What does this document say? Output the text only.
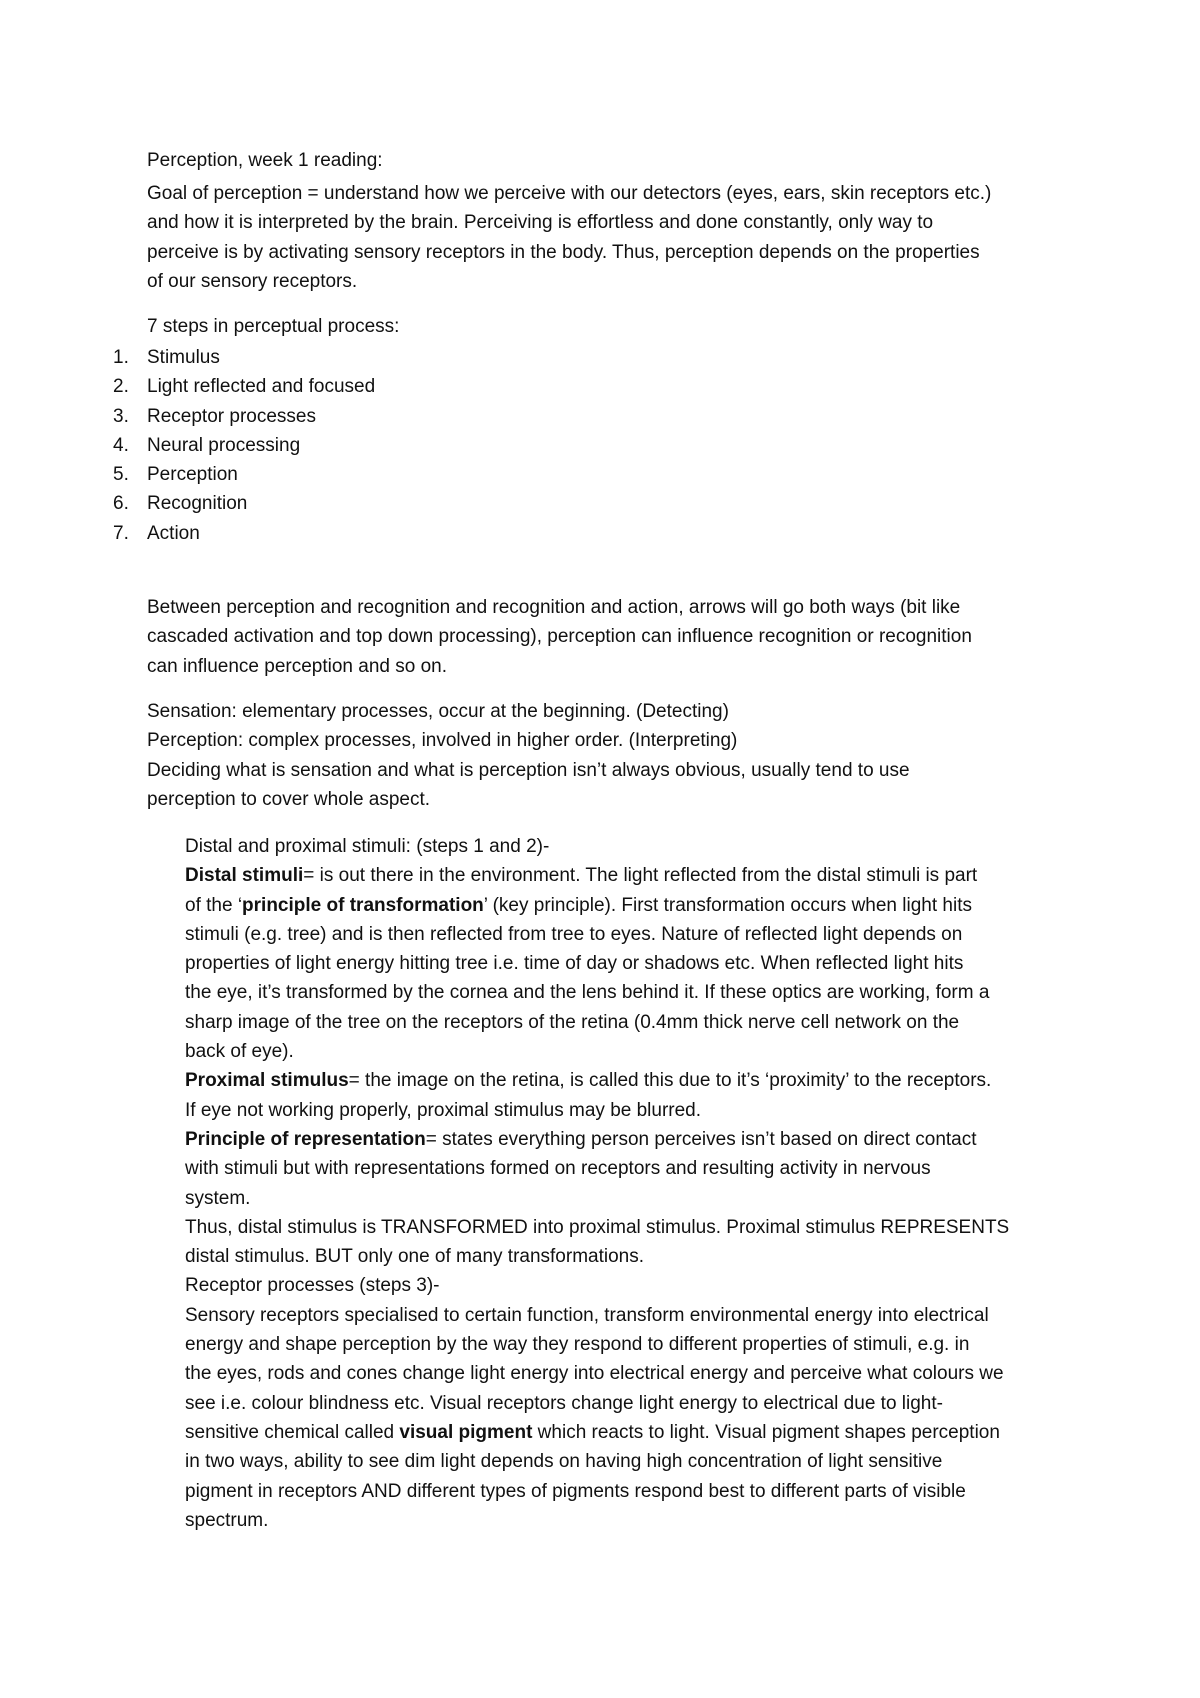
Perception, week 1 reading:
Goal of perception = understand how we perceive with our detectors (eyes, ears, skin receptors etc.)
and how it is interpreted by the brain. Perceiving is effortless and done constantly, only way to
perceive is by activating sensory receptors in the body. Thus, perception depends on the properties
of our sensory receptors.
7 steps in perceptual process:
1. Stimulus
2. Light reflected and focused
3. Receptor processes
4. Neural processing
5. Perception
6. Recognition
7. Action
Between perception and recognition and recognition and action, arrows will go both ways (bit like
cascaded activation and top down processing), perception can influence recognition or recognition
can influence perception and so on.
Sensation: elementary processes, occur at the beginning. (Detecting)
Perception: complex processes, involved in higher order. (Interpreting)
Deciding what is sensation and what is perception isn’t always obvious, usually tend to use
perception to cover whole aspect.
Distal and proximal stimuli: (steps 1 and 2)-
Distal stimuli= is out there in the environment. The light reflected from the distal stimuli is part
of the ‘principle of transformation’ (key principle). First transformation occurs when light hits
stimuli (e.g. tree) and is then reflected from tree to eyes. Nature of reflected light depends on
properties of light energy hitting tree i.e. time of day or shadows etc. When reflected light hits
the eye, it’s transformed by the cornea and the lens behind it. If these optics are working, form a
sharp image of the tree on the receptors of the retina (0.4mm thick nerve cell network on the
back of eye).
Proximal stimulus= the image on the retina, is called this due to it’s ‘proximity’ to the receptors.
If eye not working properly, proximal stimulus may be blurred.
Principle of representation= states everything person perceives isn’t based on direct contact
with stimuli but with representations formed on receptors and resulting activity in nervous
system.
Thus, distal stimulus is TRANSFORMED into proximal stimulus. Proximal stimulus REPRESENTS
distal stimulus. BUT only one of many transformations.
Receptor processes (steps 3)-
Sensory receptors specialised to certain function, transform environmental energy into electrical
energy and shape perception by the way they respond to different properties of stimuli, e.g. in
the eyes, rods and cones change light energy into electrical energy and perceive what colours we
see i.e. colour blindness etc. Visual receptors change light energy to electrical due to light-
sensitive chemical called visual pigment which reacts to light. Visual pigment shapes perception
in two ways, ability to see dim light depends on having high concentration of light sensitive
pigment in receptors AND different types of pigments respond best to different parts of visible
spectrum.
